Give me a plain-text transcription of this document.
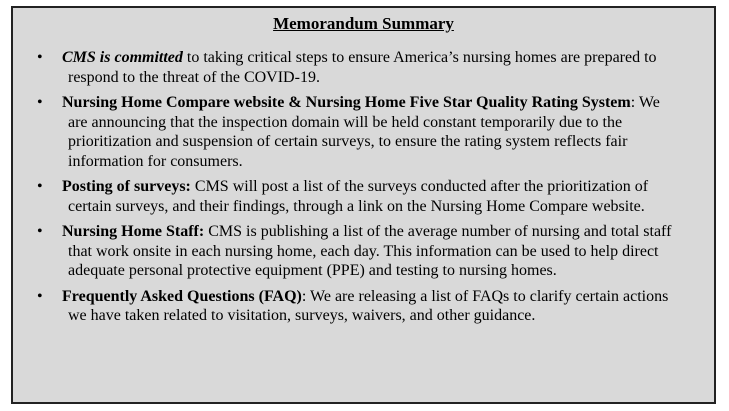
Memorandum Summary
• CMS is committed to taking critical steps to ensure America’s nursing homes are prepared to respond to the threat of the COVID-19.
• Nursing Home Compare website & Nursing Home Five Star Quality Rating System: We are announcing that the inspection domain will be held constant temporarily due to the prioritization and suspension of certain surveys, to ensure the rating system reflects fair information for consumers.
• Posting of surveys: CMS will post a list of the surveys conducted after the prioritization of certain surveys, and their findings, through a link on the Nursing Home Compare website.
• Nursing Home Staff: CMS is publishing a list of the average number of nursing and total staff that work onsite in each nursing home, each day. This information can be used to help direct adequate personal protective equipment (PPE) and testing to nursing homes.
• Frequently Asked Questions (FAQ): We are releasing a list of FAQs to clarify certain actions we have taken related to visitation, surveys, waivers, and other guidance.
